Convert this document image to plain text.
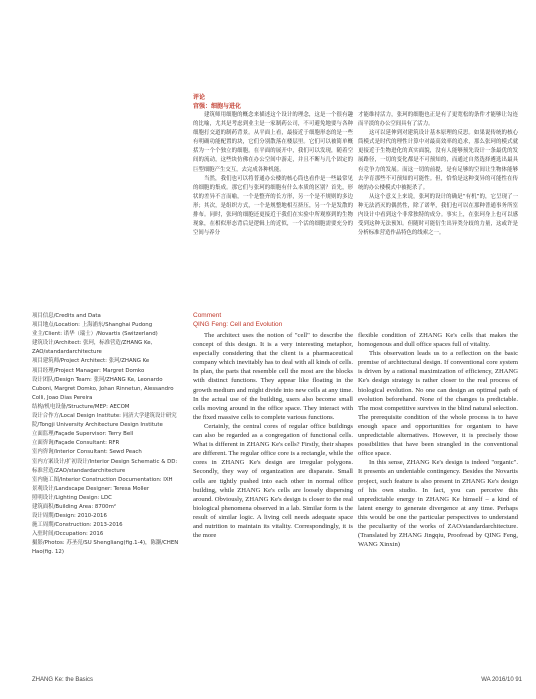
评论
宫强：细胞与进化

建筑师用细胞的概念来描述这个设计的理念，这是一个很有趣的比喻，尤其是考虑到业主是一家制药公司，不可避免地要与各种细胞打交道的制药背景。从平面上看，最接近于细胞形态的是一些有明确功能配置的块，它们分别散落在楼层里。它们可以被简单概括为一个个独立的细胞。在平面的展开中，我们可以发现，随着空间的流动，这些块仿佛在办公空间中游走，并且不断与几个固定的巨型细胞产生交互，去完成各种机能。

当然，我们也可以将普通办公楼的核心筒也看作是一些最常见的细胞的集成。那它们与张珂的细胞有什么本质的区别？首先，形状的差异不言而喻，一个是整齐的长方形，另一个是不规则的多边形；其次，是组织方式，一个是规整地相互挤压，另一个是发散的排布。同时，张珂的细胞还更接近于我们在实验中所观察到的生物现象，在相似形态背后是逻辑上的近似，一个活的细胞需要充分的空间与养分

才能维持活力，张珂的细胞也正是有了更宽松的条件才能够让勾连而平淡的办公空间具有了活力。

这可以延伸到对建筑设计基本原理的反思。如果说传统的核心筒模式是时代的理性计算中对最高效率的追求，那么张珂的模式就更接近于生物进化的真实面貌，没有人能够预先设计一条最优的发展路径，一切的变化都是不可预知的，而通过自然选择遴选出最具有竞争力的发展。而这一切的前提，是有足够的空间让生物体能够去孕育那些不可预知的可能性。但，恰恰是这种变异的可能性在传统的办公楼模式中被扼杀了。

从这个意义上来说，张珂的设计的确是“有机”的，它呈现了一种无法消灭的偶然性，除了诺华，我们也可以在那种普通事务所室内设计中看到这个非常独特的成分。事实上，在张珂身上也可以感受到这种无法预知。但随时可能衍生出异类分歧的力量，这或许是分析标准营造作品特色的线索之一。

项目信息/Credits and Data
项目地点/Location: 上海浦东/Shanghai Pudong
业主/Client: 诺华（瑞士）/Novartis (Switzerland)
建筑设计/Architect: 张珂，标准营造/ZHANG Ke, ZAO/standardarchitecture
项目建筑师/Project Architect: 张珂/ZHANG Ke
项目经理/Project Manager: Margret Domko
设计团队/Design Team: 张珂/ZHANG Ke, Leonardo Cuboni, Margret Domko, Johan Rinnetun, Alessandro Colli, Joao Dias Pereira
结构/机电设备/Structure/MEP: AECOM
设计合作方/Local Design Institute: 同济大学建筑设计研究院/Tongji University Architecture Design Institute
立面监理/Façade Supervisor: Terry Bell
立面咨询/Façade Consultant: RFR
室内咨询/Interior Consultant: Sewd Peach
室内方案设计/扩初设计/Interior Design Schematic & DD: 标准营造/ZAO/standardarchitecture
室内施工图/Interior Construction Documentation: IXH
景观设计/Landscape Designer: Teresa Moller
照明设计/Lighting Design: LDC
建筑面积/Building Area: 8700m²
设计周期/Design: 2010-2016
施工周期/Construction: 2013-2016
入驻时间/Occupation: 2016
摄影/Photos: 苏圣亮/SU Shengliang(fig.1-4)，陈灏/CHEN Hao(fig. 12)
Comment
QING Feng: Cell and Evolution

The architect uses the notion of "cell" to describe the concept of this design. It is a very interesting metaphor, especially considering that the client is a pharmaceutical company which inevitably has to deal with all kinds of cells. In plan, the parts that resemble cell the most are the blocks with distinct functions. They appear like floating in the growth medium and might divide into new cells at any time. In the actual use of the building, users also become small cells moving around in the office space. They interact with the fixed massive cells to complete various functions.

Certainly, the central cores of regular office buildings can also be regarded as a congregation of functional cells. What is different in ZHANG Ke's cells? Firstly, their shapes are different. The regular office core is a rectangle, while the cores in ZHANG Ke's design are irregular polygons. Secondly, they way of organization are disparate. Small cells are tightly pushed into each other in normal office building, while ZHANG Ke's cells are loosely dispersing around. Obviously, ZHANG Ke's design is closer to the real biological phenomena observed in a lab. Similar form is the result of similar logic. A living cell needs adequate space and nutrition to maintain its vitality. Correspondingly, it is the more

flexible condition of ZHANG Ke's cells that makes the homogenous and dull office spaces full of vitality.

This observation leads us to a reflection on the basic premise of architectural design. If conventional core system is driven by a rational maximization of efficiency, ZHANG Ke's design strategy is rather closer to the real process of biological evolution. No one can design an optimal path of evolution beforehand. None of the changes is predictable. The most competitive survives in the blind natural selection. The prerequisite condition of the whole process is to have enough space and opportunities for organism to have unpredictable alternatives. However, it is precisely those possibilities that have been strangled in the conventional office space.

In this sense, ZHANG Ke's design is indeed "organic". It presents an undeniable contingency. Besides the Novartis project, such feature is also present in ZHANG Ke's design of his own studio. In fact, you can perceive this unpredictable energy in ZHANG Ke himself – a kind of latent energy to generate divergence at any time. Perhaps this would be one the particular perspectives to understand the peculiarity of the works of ZAO/standardarchitecture. (Translated by ZHANG Jingqiu, Proofread by QING Feng, WANG Xinxin)

ZHANG Ke: the Basics	WA 2016/10 91
